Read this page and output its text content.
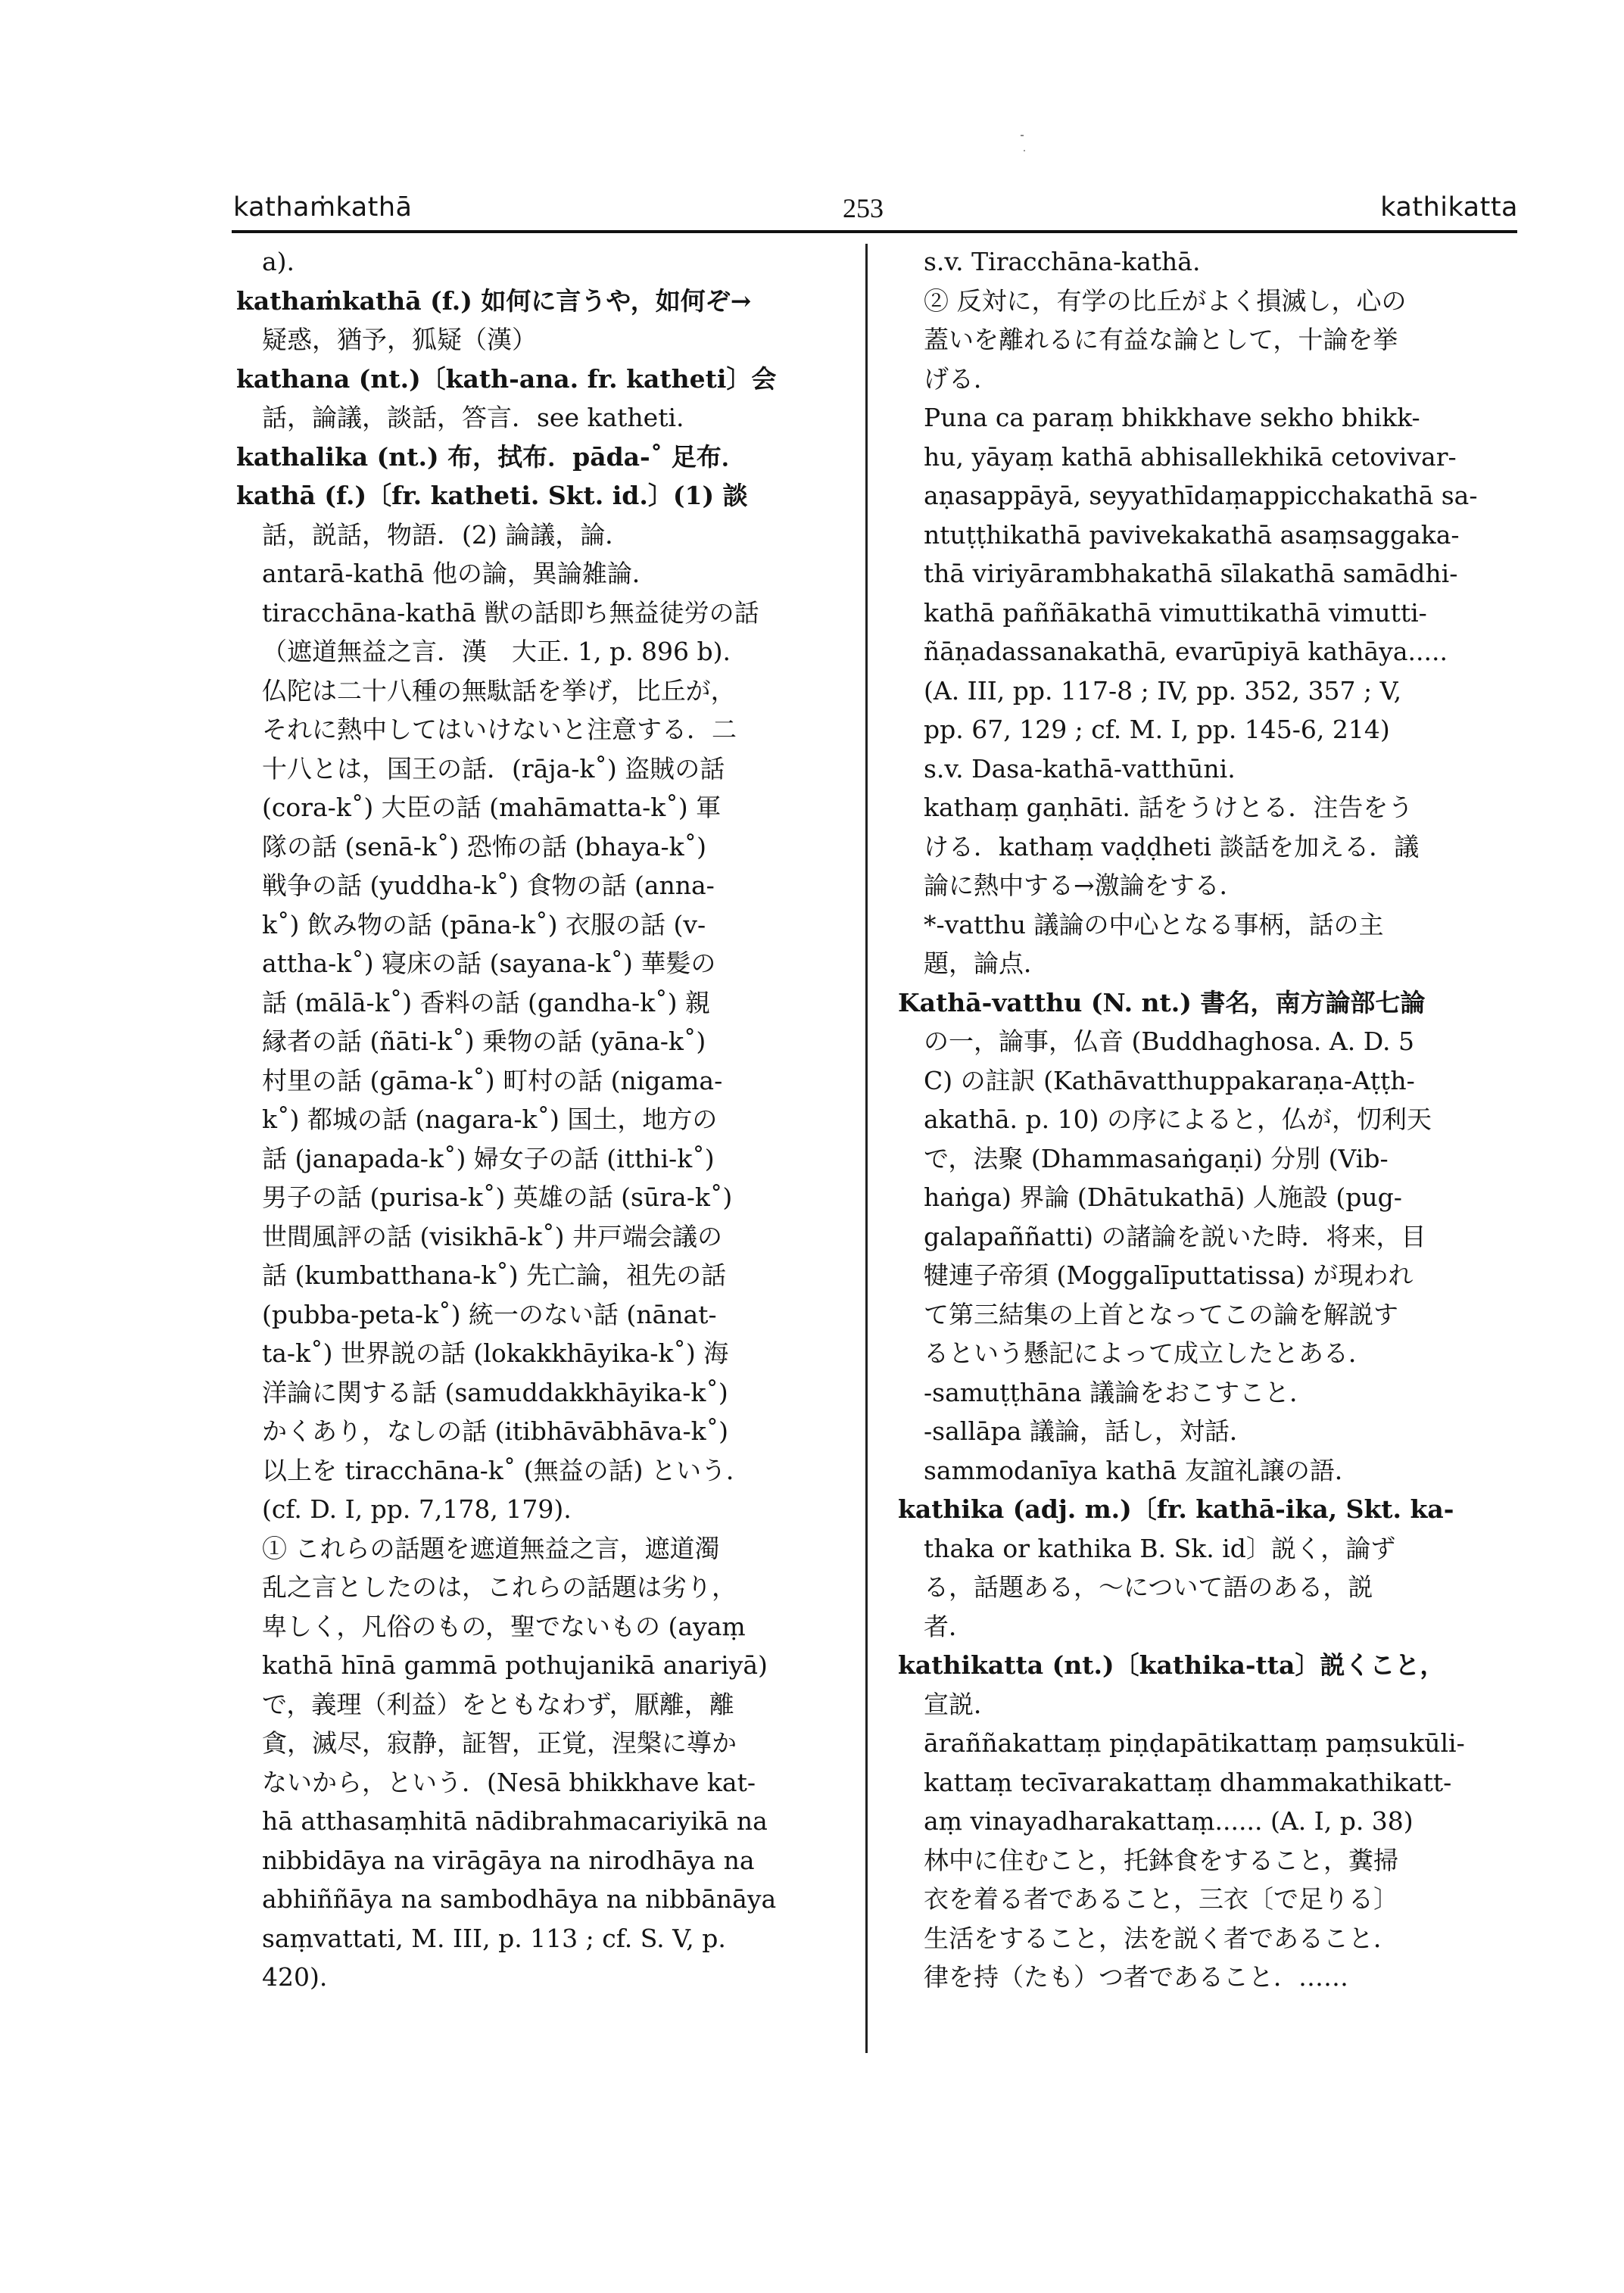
kathaṁkathā	253	kathikatta
a).
kathaṁkathā (f.) 如何に言うや，如何ぞ→
疑惑，猶予，狐疑（漢）
kathana (nt.)〔kath-ana. fr. katheti〕会
話，論議，談話，答言．see katheti.
kathalika (nt.) 布，拭布．pāda-˚ 足布．
kathā (f.)〔fr. katheti. Skt. id.〕(1) 談
話，説話，物語．(2) 論議，論．
antarā-kathā 他の論，異論雑論．
tiracchāna-kathā 獣の話即ち無益徒労の話
（遮道無益之言．漢　大正. 1, p. 896 b).
仏陀は二十八種の無駄話を挙げ，比丘が，
それに熱中してはいけないと注意する．二
十八とは，国王の話．(rāja-k˚) 盗賊の話
(cora-k˚) 大臣の話 (mahāmatta-k˚) 軍
隊の話 (senā-k˚) 恐怖の話 (bhaya-k˚)
戦争の話 (yuddha-k˚) 食物の話 (anna-
k˚) 飲み物の話 (pāna-k˚) 衣服の話 (v-
attha-k˚) 寝床の話 (sayana-k˚) 華髪の
話 (mālā-k˚) 香料の話 (gandha-k˚) 親
縁者の話 (ñāti-k˚) 乗物の話 (yāna-k˚)
村里の話 (gāma-k˚) 町村の話 (nigama-
k˚) 都城の話 (nagara-k˚) 国土，地方の
話 (janapada-k˚) 婦女子の話 (itthi-k˚)
男子の話 (purisa-k˚) 英雄の話 (sūra-k˚)
世間風評の話 (visikhā-k˚) 井戸端会議の
話 (kumbatthana-k˚) 先亡論，祖先の話
(pubba-peta-k˚) 統一のない話 (nānat-
ta-k˚) 世界説の話 (lokakkhāyika-k˚) 海
洋論に関する話 (samuddakkhāyika-k˚)
かくあり，なしの話 (itibhāvābhāva-k˚)
以上を tiracchāna-k˚ (無益の話) という．
(cf. D. I, pp. 7,178, 179).
① これらの話題を遮道無益之言，遮道濁
乱之言としたのは，これらの話題は劣り，
卑しく，凡俗のもの，聖でないもの (ayaṃ
kathā hīnā gammā pothujanikā anariyā)
で，義理（利益）をともなわず，厭離，離
貪，滅尽，寂静，証智，正覚，涅槃に導か
ないから，という．(Nesā bhikkhave kat-
hā atthasaṃhitā nādibrahmacariyikā na
nibbidāya na virāgāya na nirodhāya na
abhiññāya na sambodhāya na nibbānāya
saṃvattati, M. III, p. 113 ; cf. S. V, p.
420).
s.v. Tiracchāna-kathā.
② 反対に，有学の比丘がよく損滅し，心の
蓋いを離れるに有益な論として，十論を挙
げる．
Puna ca paraṃ bhikkhave sekho bhikk-
hu, yāyaṃ kathā abhisallekhikā cetovivar-
aṇasappāyā, seyyathīdaṃappicchakathā sa-
ntuṭṭhikathā pavivekakathā asaṃsaggaka-
thā viriyārambhakathā sīlakathā samādhi-
kathā paññākathā vimuttikathā vimutti-
ñāṇadassanakathā, evarūpiyā kathāya.....
(A. III, pp. 117-8 ; IV, pp. 352, 357 ; V,
pp. 67, 129 ; cf. M. I, pp. 145-6, 214)
s.v. Dasa-kathā-vatthūni.
kathaṃ gaṇhāti. 話をうけとる．注告をう
ける．kathaṃ vaḍḍheti 談話を加える．議
論に熱中する→激論をする．
*-vatthu 議論の中心となる事柄，話の主
題，論点．
Kathā-vatthu (N. nt.) 書名，南方論部七論
の一，論事，仏音 (Buddhaghosa. A. D. 5
C) の註訳 (Kathāvatthuppakaraṇa-Aṭṭh-
akathā. p. 10) の序によると，仏が，忉利天
で，法聚 (Dhammasaṅgaṇi) 分別 (Vib-
haṅga) 界論 (Dhātukathā) 人施設 (pug-
galapaññatti) の諸論を説いた時．将来，目
犍連子帝須 (Moggalīputtatissa) が現われ
て第三結集の上首となってこの論を解説す
るという懸記によって成立したとある．
-samuṭṭhāna 議論をおこすこと．
-sallāpa 議論，話し，対話．
sammodanīya kathā 友誼礼譲の語．
kathika (adj. m.)〔fr. kathā-ika, Skt. ka-
thaka or kathika B. Sk. id〕説く，論ず
る，話題ある，～について語のある，説
者．
kathikatta (nt.)〔kathika-tta〕説くこと，
宣説．
āraññakattaṃ piṇḍapātikattaṃ paṃsukūli-
kattaṃ tecīvarakattaṃ dhammakathikatt-
aṃ vinayadharakattaṃ...... (A. I, p. 38)
林中に住むこと，托鉢食をすること，糞掃
衣を着る者であること，三衣〔で足りる〕
生活をすること，法を説く者であること．
律を持（たも）つ者であること．……
